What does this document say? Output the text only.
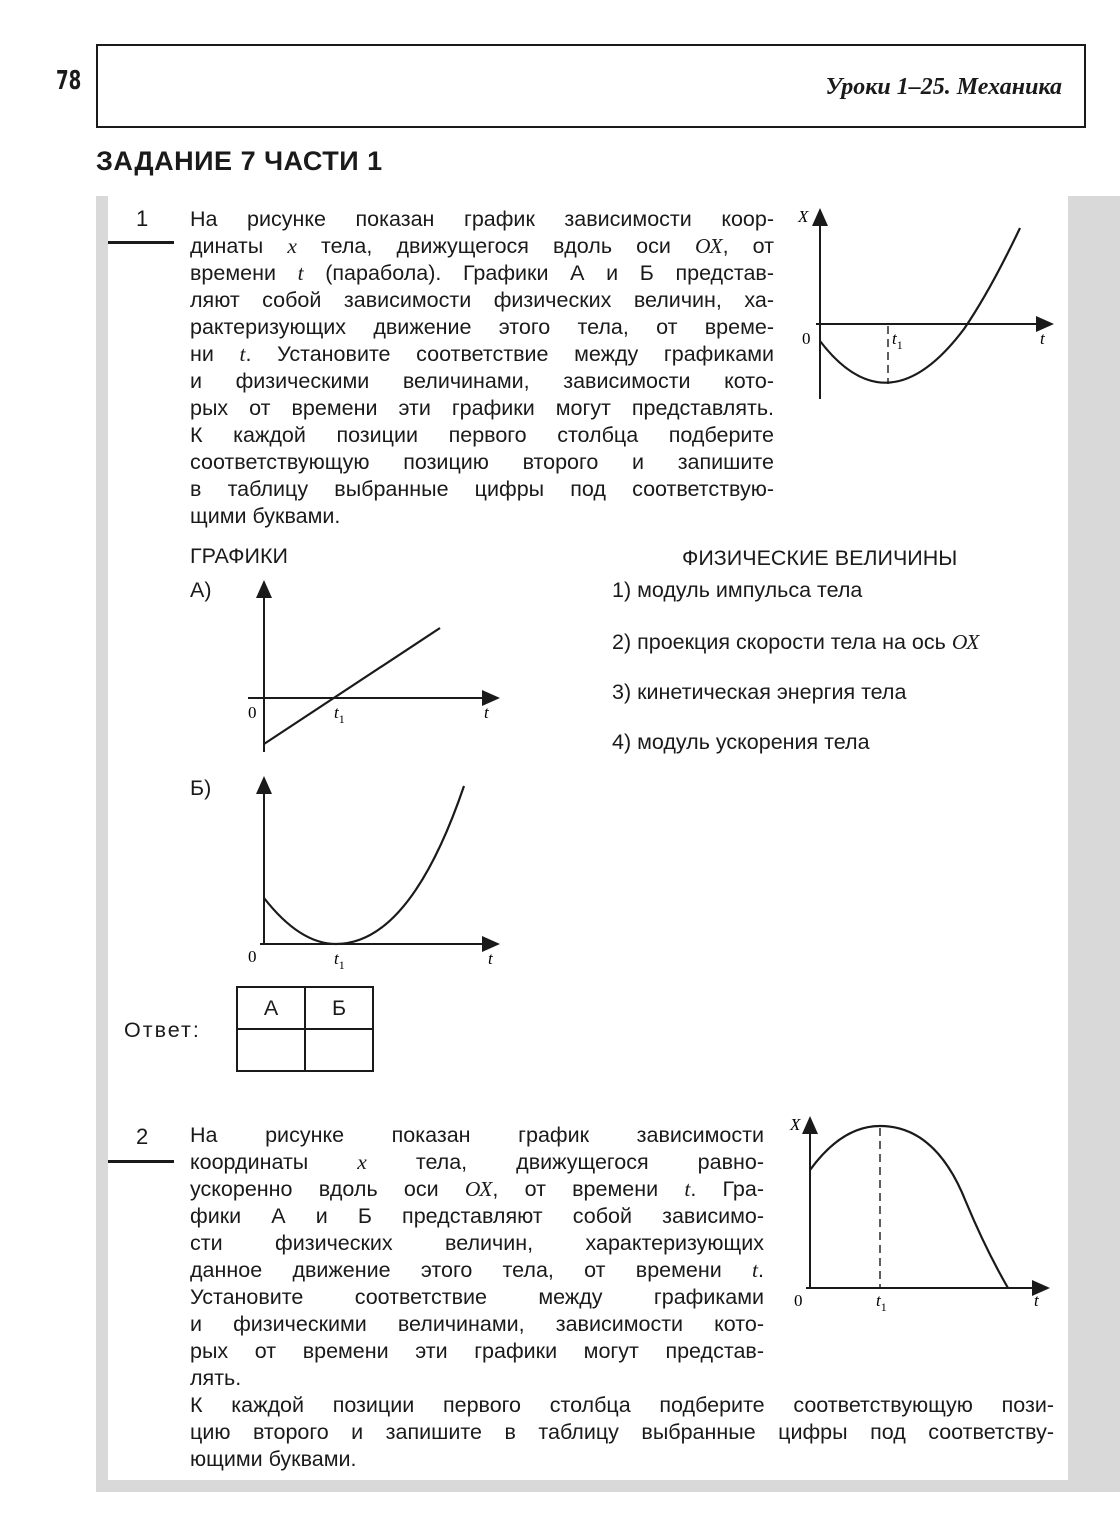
78	Уроки 1–25. Механика
ЗАДАНИЕ 7 ЧАСТИ 1
1 На рисунке показан график зависимости коор-
динаты x тела, движущегося вдоль оси ОХ, от
времени t (парабола). Графики А и Б представ-
ляют собой зависимости физических величин, ха-
рактеризующих движение этого тела, от време-
ни t. Установите соответствие между графиками
и физическими величинами, зависимости кото-
рых от времени эти графики могут представлять.
К каждой позиции первого столбца подберите
соответствующую позицию второго и запишите
в таблицу выбранные цифры под соответствую-
щими буквами.
X
0	$t_1$	t
ГРАФИКИ	ФИЗИЧЕСКИЕ ВЕЛИЧИНЫ
А)
0	$t_1$	t
1) модуль импульса тела
2) проекция скорости тела на ось ОХ
3) кинетическая энергия тела
4) модуль ускорения тела
Б)
0	$t_1$	t
Ответ:
А	Б

2 На рисунке показан график зависимости
координаты x тела, движущегося равно-
ускоренно вдоль оси ОХ, от времени t. Гра-
фики А и Б представляют собой зависимо-
сти физических величин, характеризующих
данное движение этого тела, от времени t.
Установите соответствие между графиками
и физическими величинами, зависимости кото-
рых от времени эти графики могут представ-
лять.
К каждой позиции первого столбца подберите соответствующую пози-
цию второго и запишите в таблицу выбранные цифры под соответству-
ющими буквами.
X
0	$t_1$	t
